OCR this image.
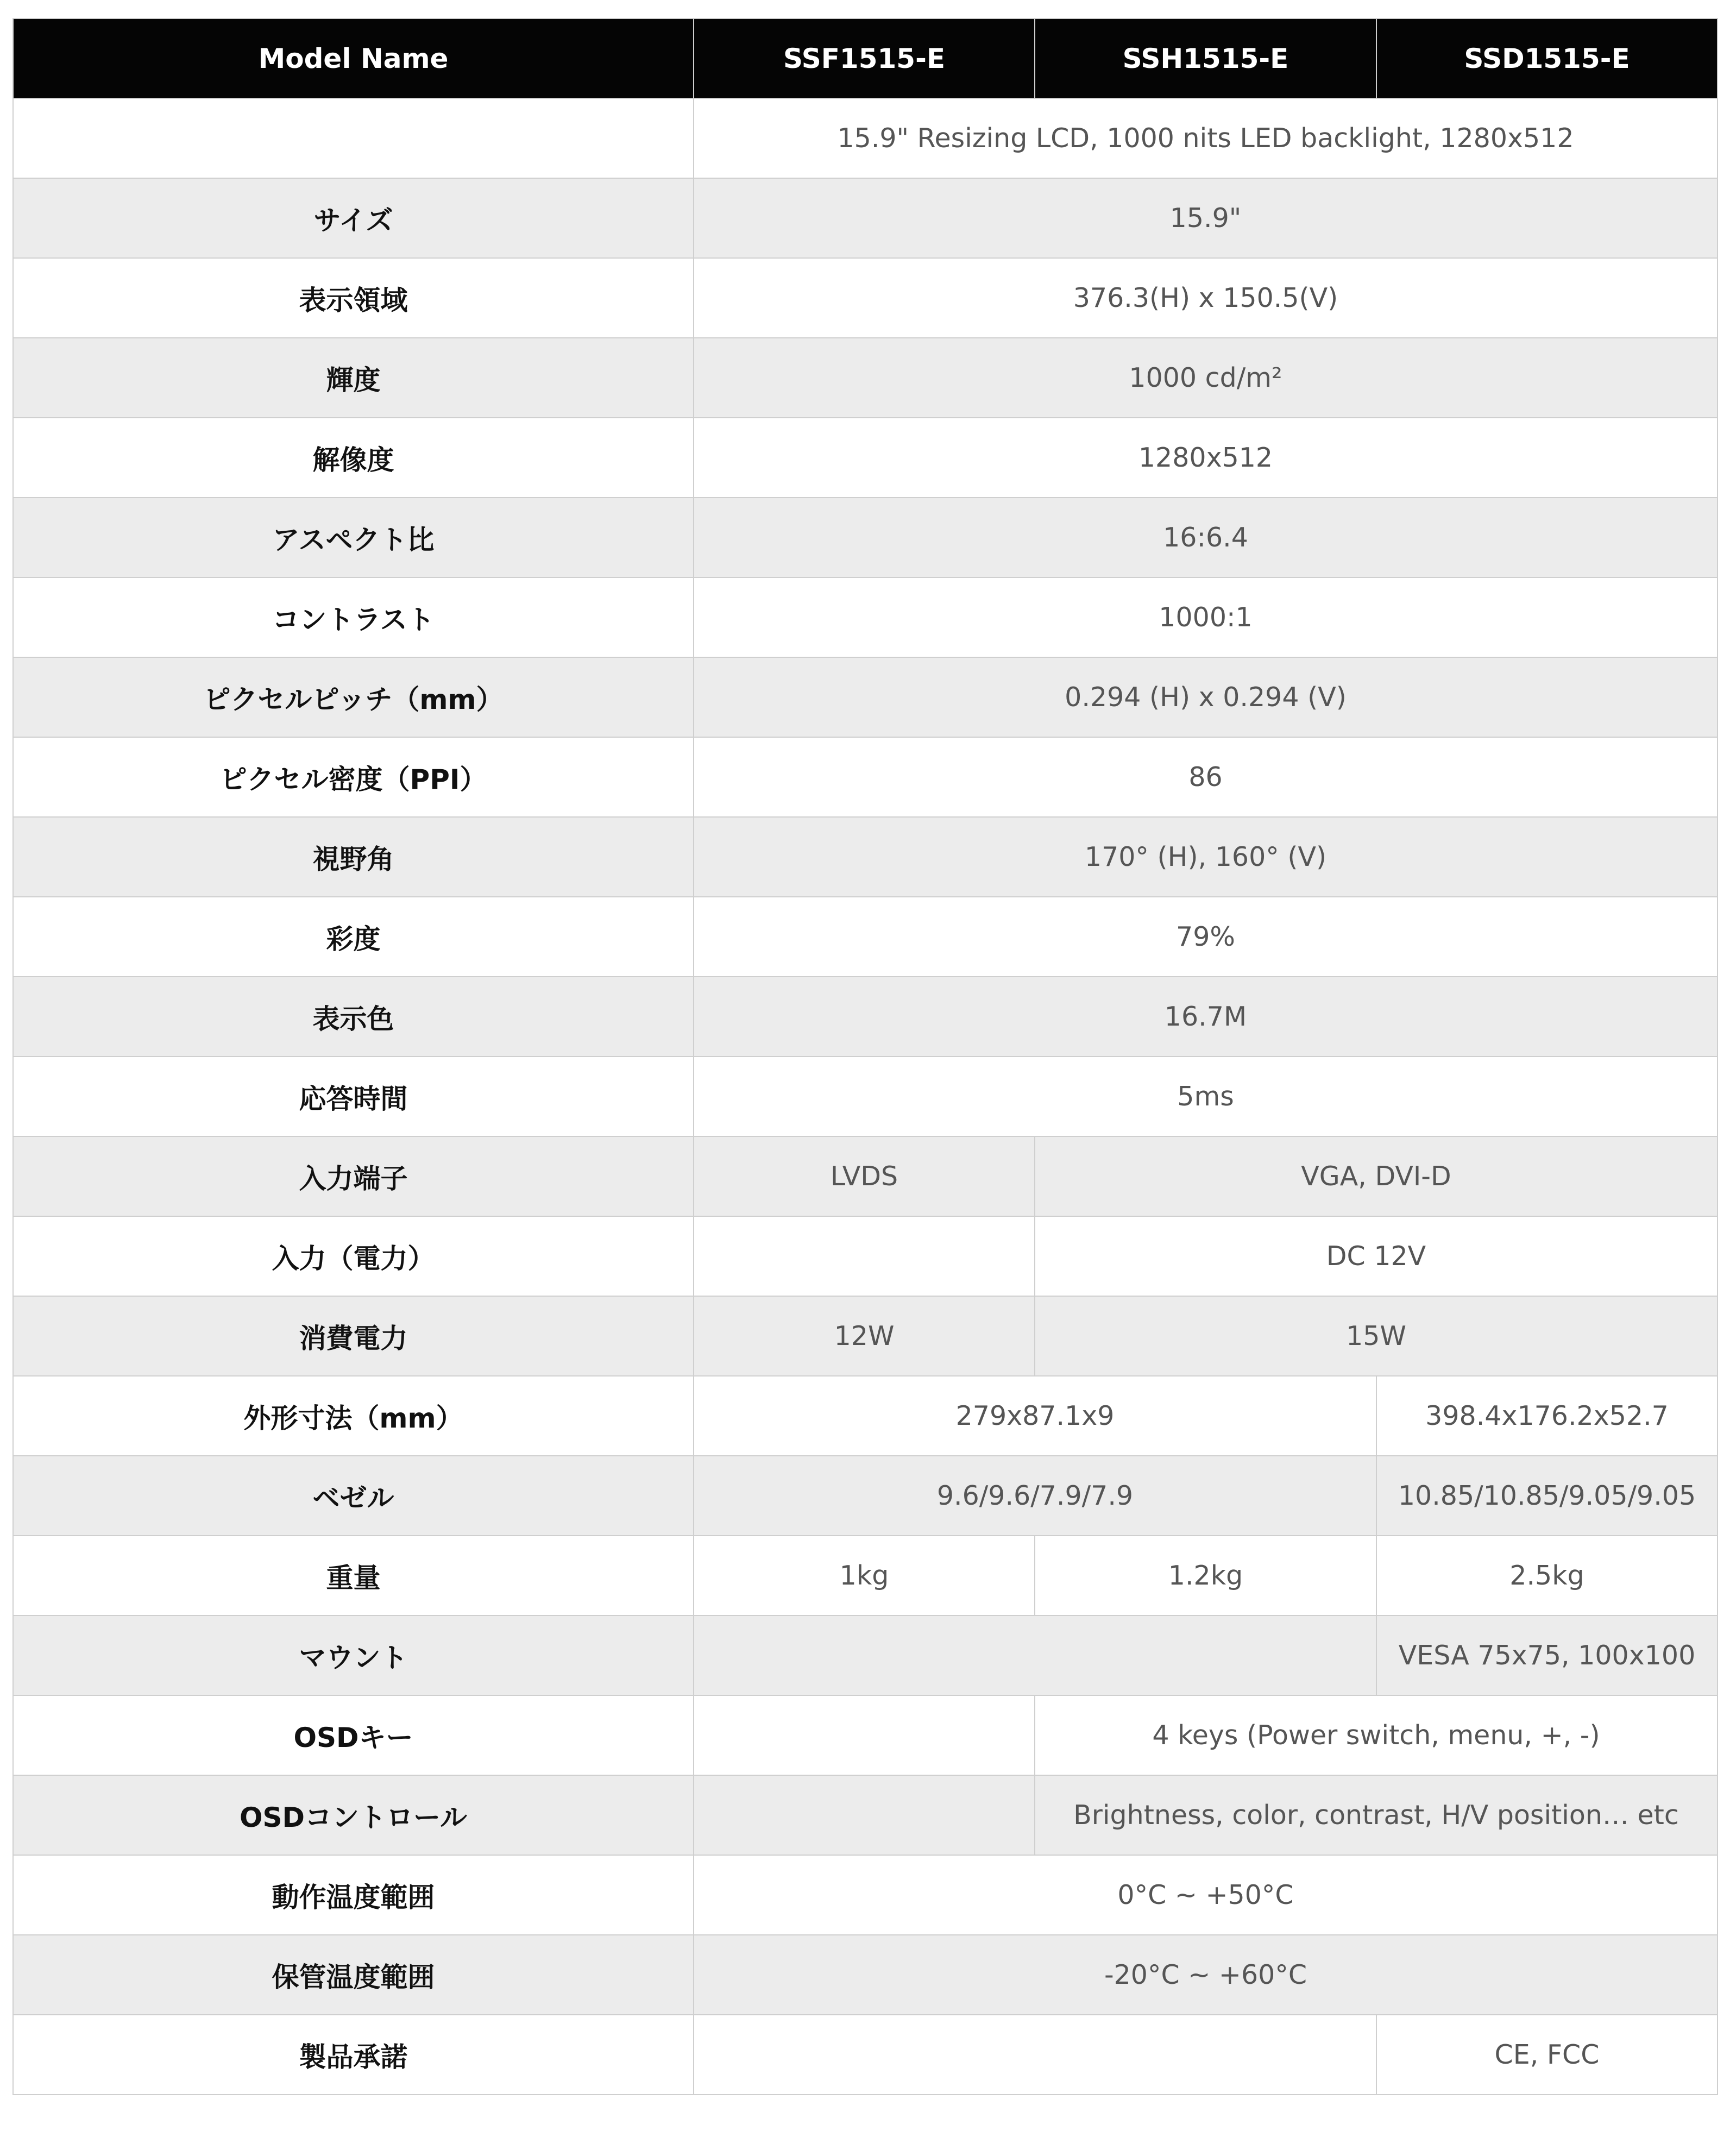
Model Name	SSF1515-E	SSH1515-E	SSD1515-E
	15.9" Resizing LCD, 1000 nits LED backlight, 1280x512		
サイズ	15.9"		
表示領域	376.3(H) x 150.5(V)		
輝度	1000 cd/m²		
解像度	1280x512		
アスペクト比	16:6.4		
コントラスト	1000:1		
ピクセルピッチ（mm）	0.294 (H) x 0.294 (V)		
ピクセル密度（PPI）	86		
視野角	170° (H), 160° (V)		
彩度	79%		
表示色	16.7M		
応答時間	5ms		
入力端子	LVDS	VGA, DVI-D	
入力（電力）		DC 12V	
消費電力	12W	15W	
外形寸法（mm）	279x87.1x9		398.4x176.2x52.7
ベゼル	9.6/9.6/7.9/7.9		10.85/10.85/9.05/9.05
重量	1kg	1.2kg	2.5kg
マウント			VESA 75x75, 100x100
OSDキー		4 keys (Power switch, menu, +, -)	
OSDコントロール		Brightness, color, contrast, H/V position… etc	
動作温度範囲	0°C ~ +50°C		
保管温度範囲	-20°C ~ +60°C		
製品承諾			CE, FCC
